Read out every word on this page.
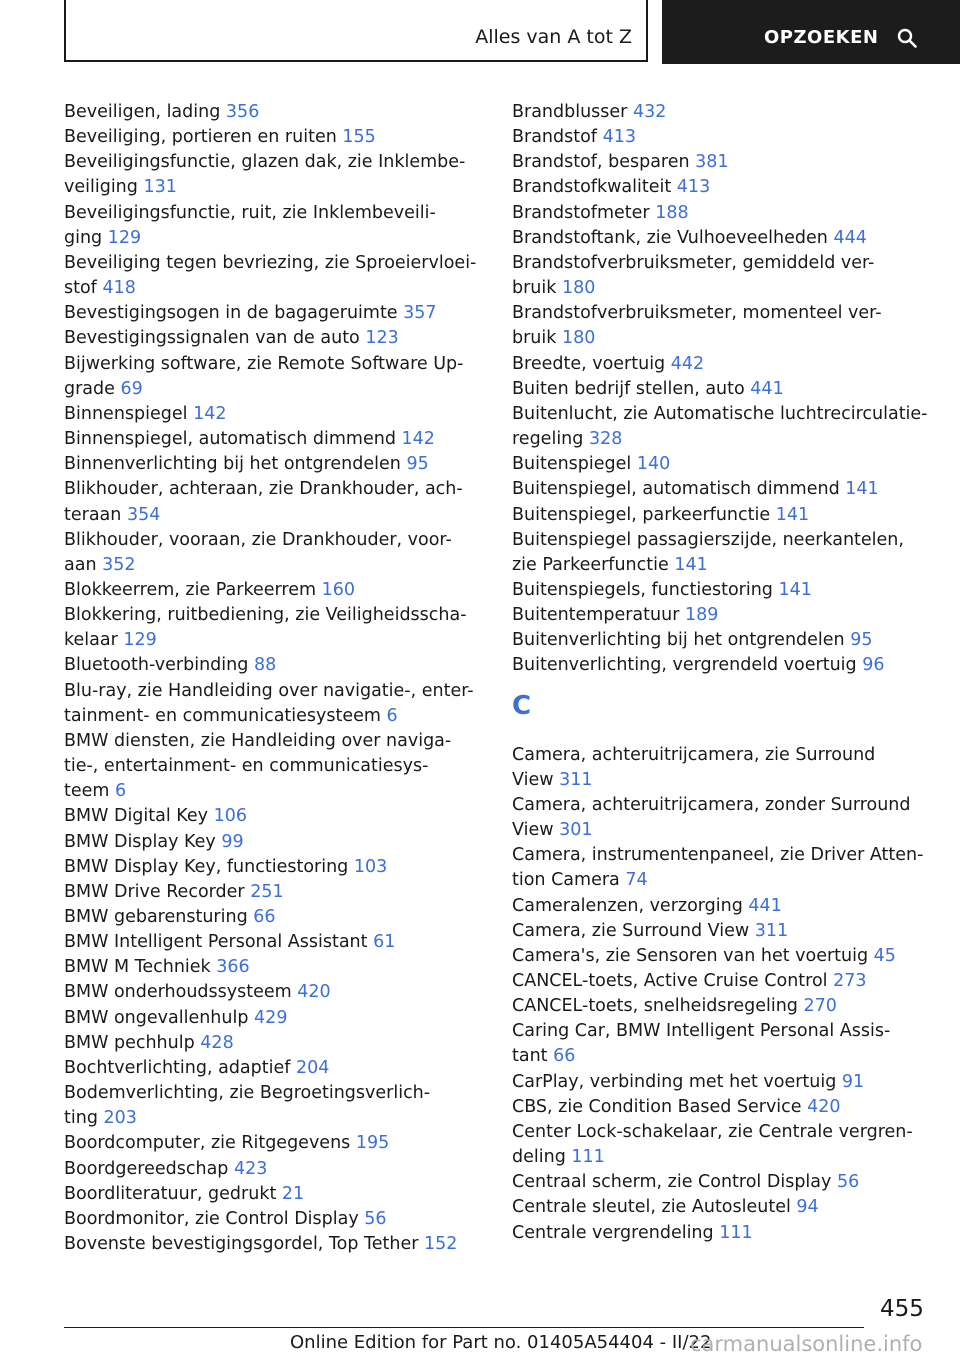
Alles van A tot Z	OPZOEKEN
Beveiligen, lading 356
Beveiliging, portieren en ruiten 155
Beveiligingsfunctie, glazen dak, zie Inklembe-
veiliging 131
Beveiligingsfunctie, ruit, zie Inklembeveili-
ging 129
Beveiliging tegen bevriezing, zie Sproeiervloei-
stof 418
Bevestigingsogen in de bagageruimte 357
Bevestigingssignalen van de auto 123
Bijwerking software, zie Remote Software Up-
grade 69
Binnenspiegel 142
Binnenspiegel, automatisch dimmend 142
Binnenverlichting bij het ontgrendelen 95
Blikhouder, achteraan, zie Drankhouder, ach-
teraan 354
Blikhouder, vooraan, zie Drankhouder, voor-
aan 352
Blokkeerrem, zie Parkeerrem 160
Blokkering, ruitbediening, zie Veiligheidsscha-
kelaar 129
Bluetooth-verbinding 88
Blu-ray, zie Handleiding over navigatie-, enter-
tainment- en communicatiesysteem 6
BMW diensten, zie Handleiding over naviga-
tie-, entertainment- en communicatiesys-
teem 6
BMW Digital Key 106
BMW Display Key 99
BMW Display Key, functiestoring 103
BMW Drive Recorder 251
BMW gebarensturing 66
BMW Intelligent Personal Assistant 61
BMW M Techniek 366
BMW onderhoudssysteem 420
BMW ongevallenhulp 429
BMW pechhulp 428
Bochtverlichting, adaptief 204
Bodemverlichting, zie Begroetingsverlich-
ting 203
Boordcomputer, zie Ritgegevens 195
Boordgereedschap 423
Boordliteratuur, gedrukt 21
Boordmonitor, zie Control Display 56
Bovenste bevestigingsgordel, Top Tether 152
Brandblusser 432
Brandstof 413
Brandstof, besparen 381
Brandstofkwaliteit 413
Brandstofmeter 188
Brandstoftank, zie Vulhoeveelheden 444
Brandstofverbruiksmeter, gemiddeld ver-
bruik 180
Brandstofverbruiksmeter, momenteel ver-
bruik 180
Breedte, voertuig 442
Buiten bedrijf stellen, auto 441
Buitenlucht, zie Automatische luchtrecirculatie-
regeling 328
Buitenspiegel 140
Buitenspiegel, automatisch dimmend 141
Buitenspiegel, parkeerfunctie 141
Buitenspiegel passagierszijde, neerkantelen,
zie Parkeerfunctie 141
Buitenspiegels, functiestoring 141
Buitentemperatuur 189
Buitenverlichting bij het ontgrendelen 95
Buitenverlichting, vergrendeld voertuig 96
C
Camera, achteruitrijcamera, zie Surround
View 311
Camera, achteruitrijcamera, zonder Surround
View 301
Camera, instrumentenpaneel, zie Driver Atten-
tion Camera 74
Cameralenzen, verzorging 441
Camera, zie Surround View 311
Camera's, zie Sensoren van het voertuig 45
CANCEL-toets, Active Cruise Control 273
CANCEL-toets, snelheidsregeling 270
Caring Car, BMW Intelligent Personal Assis-
tant 66
CarPlay, verbinding met het voertuig 91
CBS, zie Condition Based Service 420
Center Lock-schakelaar, zie Centrale vergren-
deling 111
Centraal scherm, zie Control Display 56
Centrale sleutel, zie Autosleutel 94
Centrale vergrendeling 111
455
Online Edition for Part no. 01405A54404 - II/22
carmanualsonline.info
